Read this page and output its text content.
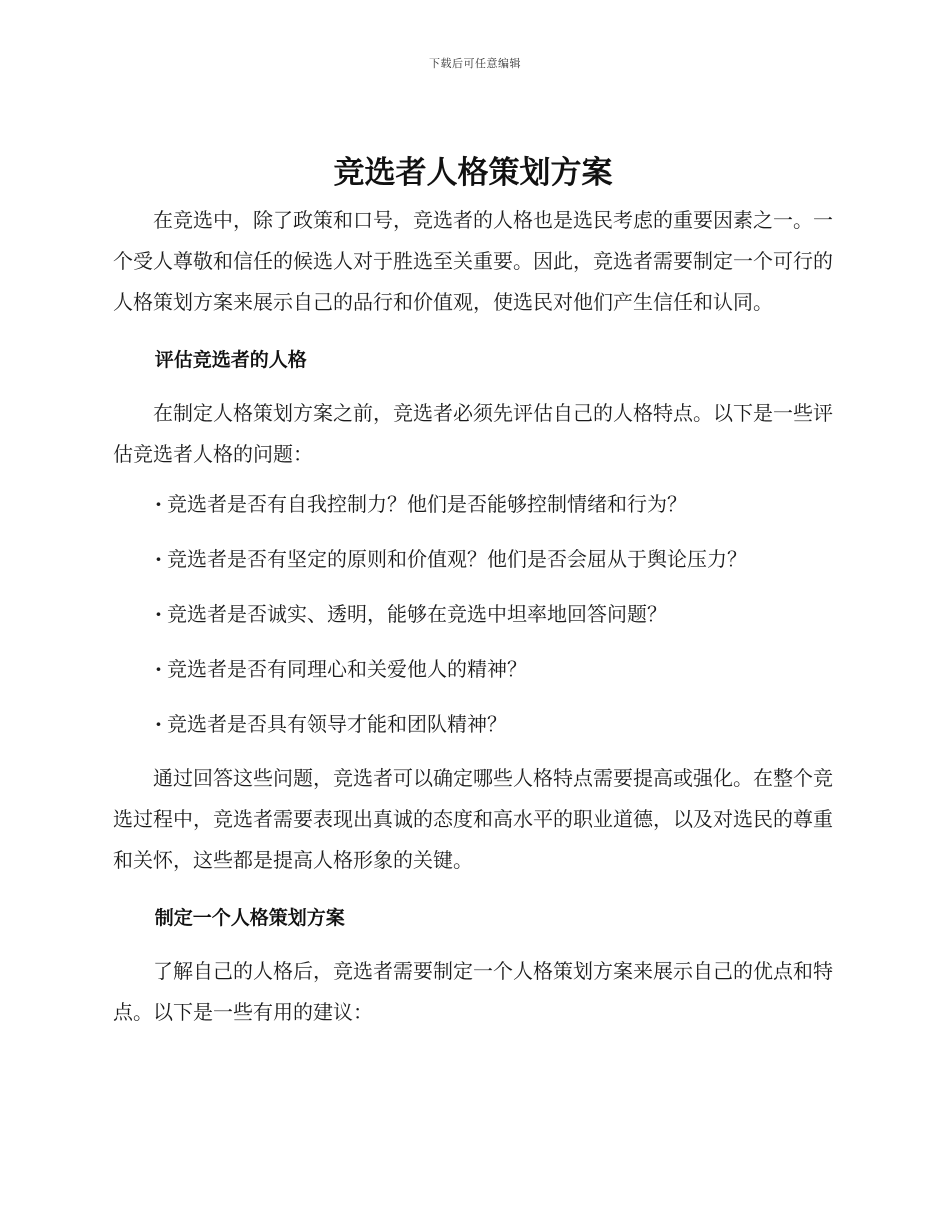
下载后可任意编辑
竞选者人格策划方案

在竞选中，除了政策和口号，竞选者的人格也是选民考虑的重要因素之一。一个受人尊敬和信任的候选人对于胜选至关重要。因此，竞选者需要制定一个可行的人格策划方案来展示自己的品行和价值观，使选民对他们产生信任和认同。

评估竞选者的人格

在制定人格策划方案之前，竞选者必须先评估自己的人格特点。以下是一些评估竞选者人格的问题：

· 竞选者是否有自我控制力？他们是否能够控制情绪和行为？
· 竞选者是否有坚定的原则和价值观？他们是否会屈从于舆论压力？
· 竞选者是否诚实、透明，能够在竞选中坦率地回答问题？
· 竞选者是否有同理心和关爱他人的精神？
· 竞选者是否具有领导才能和团队精神？

通过回答这些问题，竞选者可以确定哪些人格特点需要提高或强化。在整个竞选过程中，竞选者需要表现出真诚的态度和高水平的职业道德，以及对选民的尊重和关怀，这些都是提高人格形象的关键。

制定一个人格策划方案

了解自己的人格后，竞选者需要制定一个人格策划方案来展示自己的优点和特点。以下是一些有用的建议：
